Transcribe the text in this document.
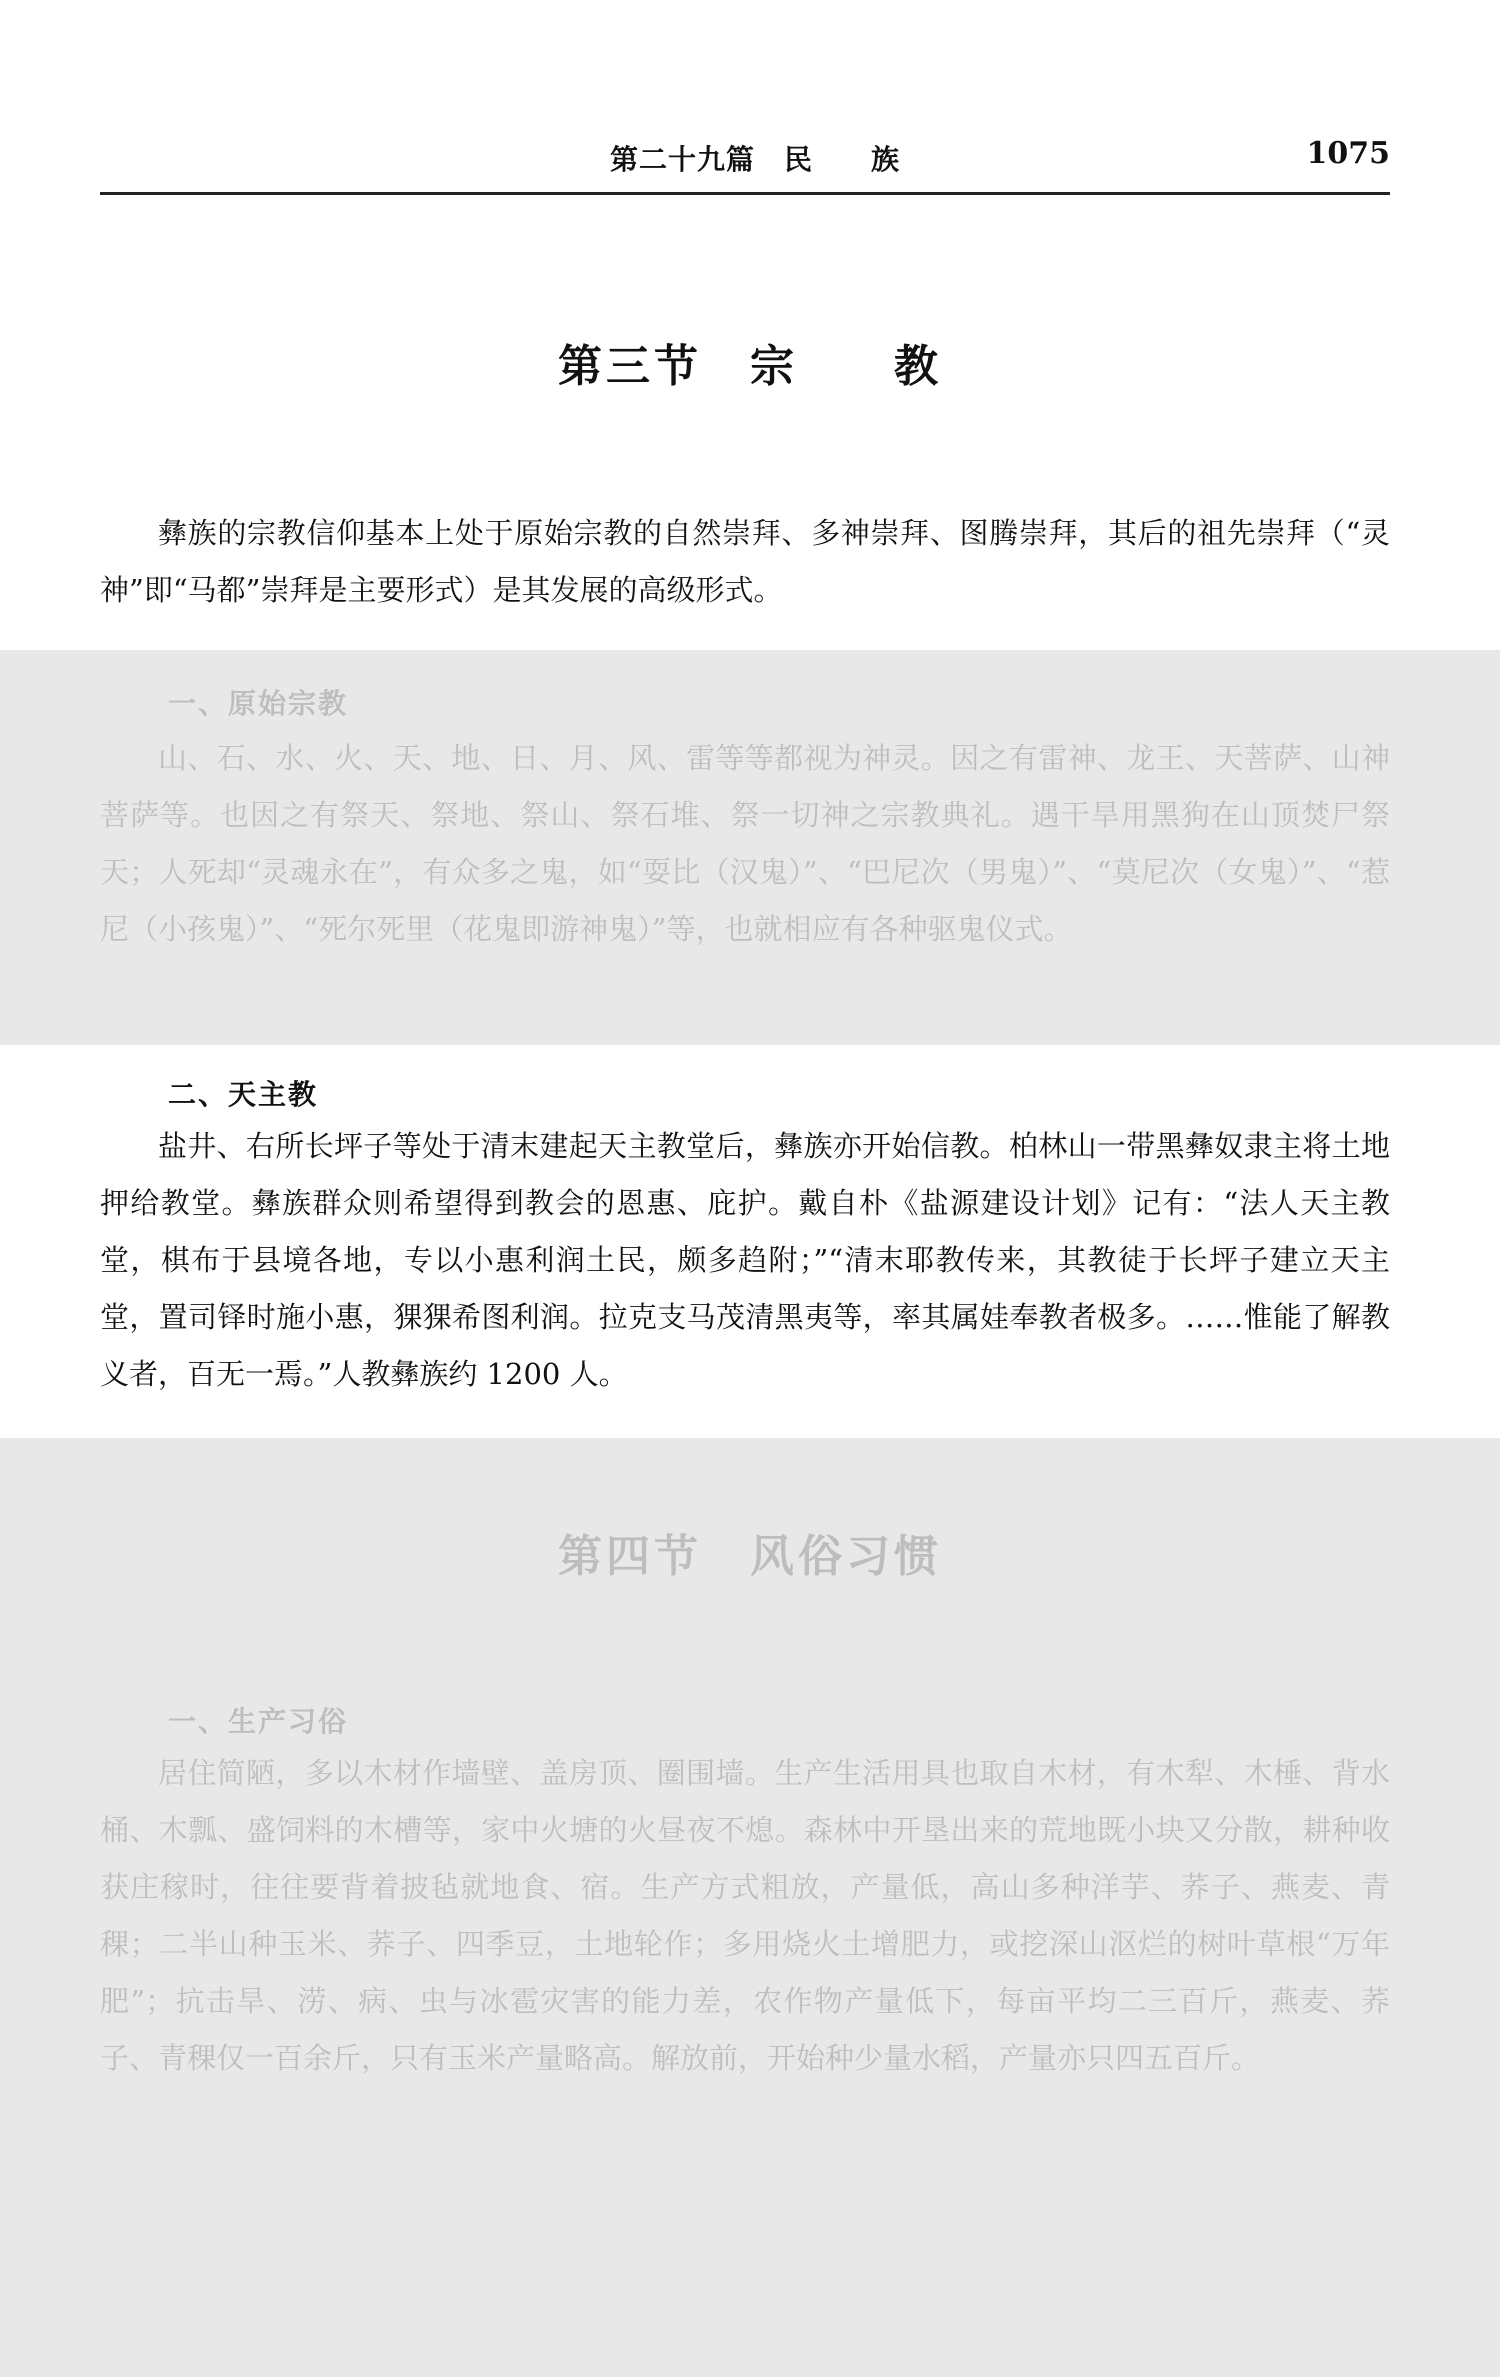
第二十九篇　民　　族	1075
第三节　宗　　教

彝族的宗教信仰基本上处于原始宗教的自然崇拜、多神崇拜、图腾崇拜，其后的祖先崇拜（“灵神”即“马都”崇拜是主要形式）是其发展的高级形式。

一、原始宗教

山、石、水、火、天、地、日、月、风、雷等等都视为神灵。因之有雷神、龙王、天菩萨、山神菩萨等。也因之有祭天、祭地、祭山、祭石堆、祭一切神之宗教典礼。遇干旱用黑狗在山顶焚尸祭天；人死却“灵魂永在”，有众多之鬼，如“耍比（汉鬼）”、“巴尼次（男鬼）”、“莫尼次（女鬼）”、“惹尼（小孩鬼）”、“死尔死里（花鬼即游神鬼）”等，也就相应有各种驱鬼仪式。

二、天主教

盐井、右所长坪子等处于清末建起天主教堂后，彝族亦开始信教。柏林山一带黑彝奴隶主将土地押给教堂。彝族群众则希望得到教会的恩惠、庇护。戴自朴《盐源建设计划》记有：“法人天主教堂，棋布于县境各地，专以小惠利润土民，颇多趋附；”“清末耶教传来，其教徒于长坪子建立天主堂，置司铎时施小惠，猓猓希图利润。拉克支马茂清黑夷等，率其属娃奉教者极多。……惟能了解教义者，百无一焉。”人教彝族约 1200 人。

第四节　风俗习惯
一、生产习俗

居住简陋，多以木材作墙壁、盖房顶、圈围墙。生产生活用具也取自木材，有木犁、木棰、背水桶、木瓢、盛饲料的木槽等，家中火塘的火昼夜不熄。森林中开垦出来的荒地既小块又分散，耕种收获庄稼时，往往要背着披毡就地食、宿。生产方式粗放，产量低，高山多种洋芋、荞子、燕麦、青稞；二半山种玉米、荞子、四季豆，土地轮作；多用烧火土增肥力，或挖深山沤烂的树叶草根“万年肥”；抗击旱、涝、病、虫与冰雹灾害的能力差，农作物产量低下，每亩平均二三百斤，燕麦、荞子、青稞仅一百余斤，只有玉米产量略高。解放前，开始种少量水稻，产量亦只四五百斤。
